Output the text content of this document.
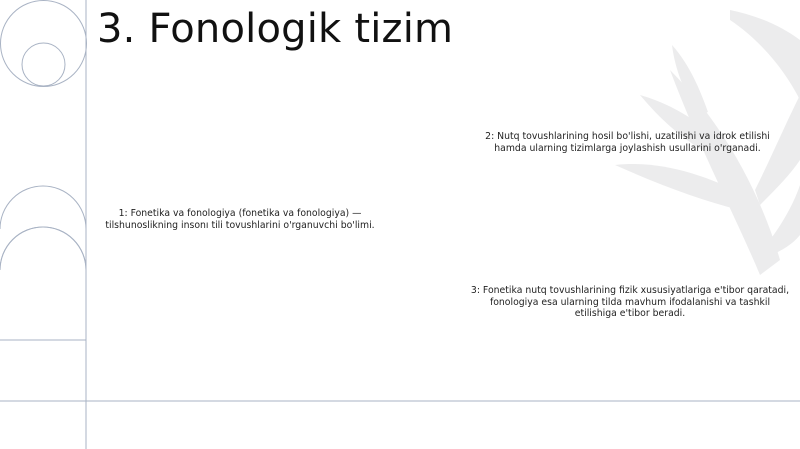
3. Fonologik tizim
1: Fonetika va fonologiya (fonetika va fonologiya) — tilshunoslikning insonı tili tovushlarini o'rganuvchi bo'limi.
2: Nutq tovushlarining hosil bo'lishi, uzatilishi va idrok etilishi hamda ularning tizimlarga joylashish usullarini o'rganadi.
3: Fonetika nutq tovushlarining fizik xususiyatlariga e'tibor qaratadi, fonologiya esa ularning tilda mavhum ifodalanishi va tashkil etilishiga e'tibor beradi.
